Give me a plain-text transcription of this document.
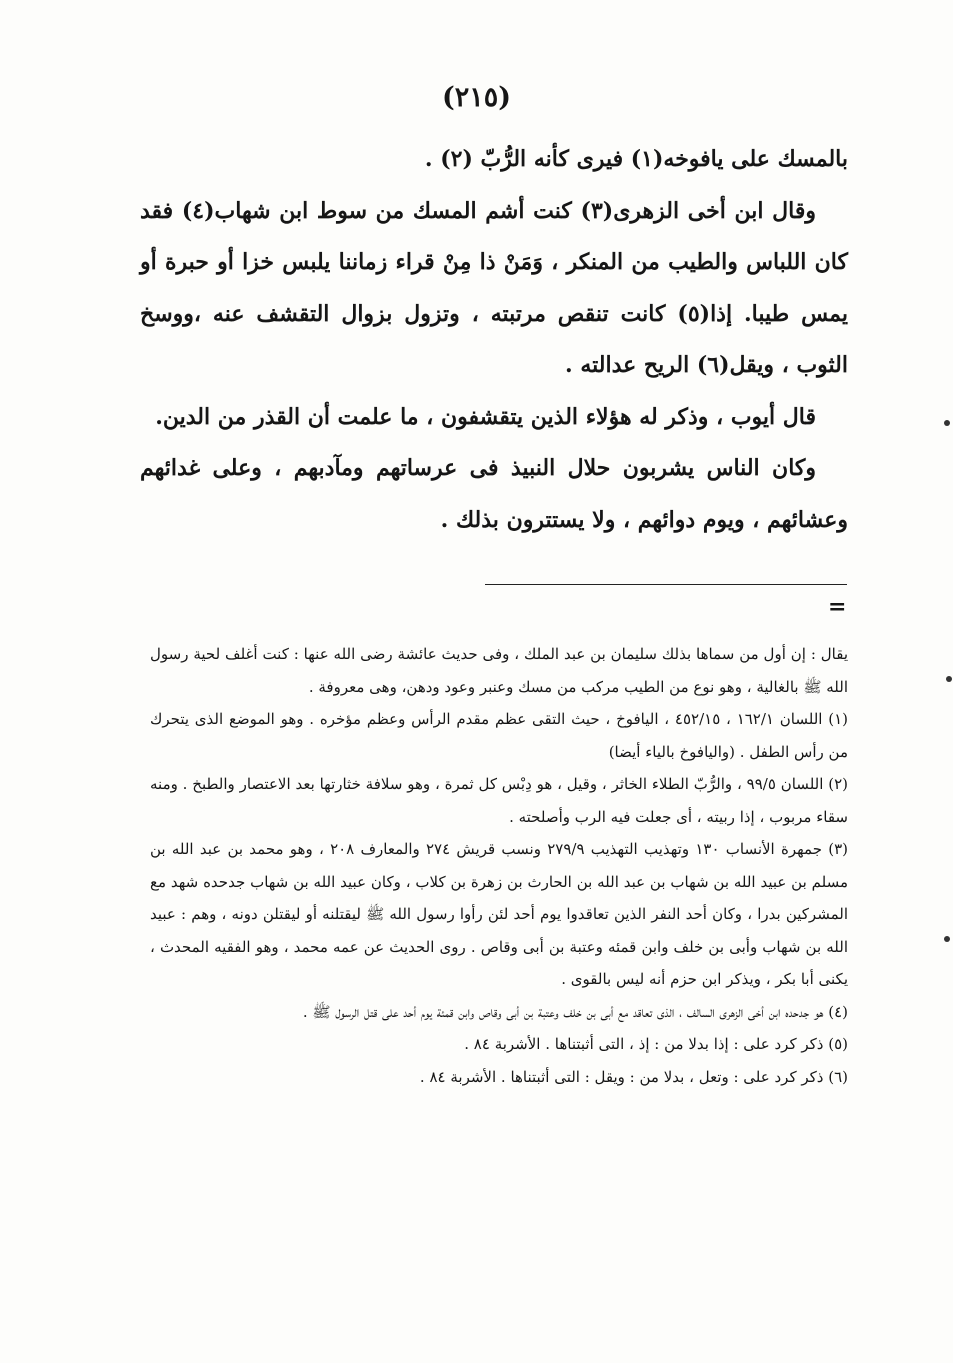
(٢١٥)

بالمسك على يافوخه(١) فيرى كأنه الرُّبّ (٢) .

وقال ابن أخى الزهرى(٣) كنت أشم المسك من سوط ابن شهاب(٤) فقد كان اللباس والطيب من المنكر ، وَمَنْ ذا مِنْ قراء زماننا يلبس خزا أو حبرة أو يمس طيبا. إذا(٥) كانت تنقص مرتبته ، وتزول بزوال التقشف عنه ،ووسخ الثوب ، ويقل(٦) الريح عدالته .

قال أيوب ، وذكر له هؤلاء الذين يتقشفون ، ما علمت أن القذر من الدين.

وكان الناس يشربون حلال النبيذ فى عرساتهم ومآدبهم ، وعلى غدائهم وعشائهم ، ويوم دوائهم ، ولا يستترون بذلك .

=

يقال : إن أول من سماها بذلك سليمان بن عبد الملك ، وفى حديث عائشة رضى الله عنها : كنت أغلف لحية رسول الله ﷺ بالغالية ، وهو نوع من الطيب مركب من مسك وعنبر وعود ودهن، وهى معروفة .

(١) اللسان ١٦٢/١ ، ٤٥٢/١٥ ، اليافوخ ، حيث التقى عظم مقدم الرأس وعظم مؤخره . وهو الموضع الذى يتحرك من رأس الطفل . (واليافوخ بالياء أيضا)

(٢) اللسان ٩٩/٥ ، والرُّبّ الطلاء الخاثر ، وقيل ، هو دِبْس كل ثمرة ، وهو سلافة خثارتها بعد الاعتصار والطبخ . ومنه سقاء مربوب ، إذا ربيته ، أى جعلت فيه الرب وأصلحته .

(٣) جمهرة الأنساب ١٣٠ وتهذيب التهذيب ٢٧٩/٩ ونسب قريش ٢٧٤ والمعارف ٢٠٨ ، وهو محمد بن عبد الله بن مسلم بن عبيد الله بن شهاب بن عبد الله بن الحارث بن زهرة بن كلاب ، وكان عبيد الله بن شهاب جدحده شهد مع المشركين بدرا ، وكان أحد النفر الذين تعاقدوا يوم أحد لئن رأوا رسول الله ﷺ ليقتلنه أو ليقتلن دونه ، وهم : عبيد الله بن شهاب وأبى بن خلف وابن قمئه وعتبة بن أبى وقاص . روى الحديث عن عمه محمد ، وهو الفقيه المحدث ، يكنى أبا بكر ، ويذكر ابن حزم أنه ليس بالقوى .

(٤) هو جدحده ابن أخى الزهرى السالف ، الذى تعاقد مع أبى بن خلف وعتبة بن أبى وقاص وابن قمئة يوم أحد على قتل الرسول ﷺ .

(٥) ذكر كرد على : إذا بدلا من : إذ ، التى أثبتناها . الأشربة ٨٤ .

(٦) ذكر كرد على : وتعل ، بدلا من : ويقل : التى أثبتناها . الأشربة ٨٤ .
